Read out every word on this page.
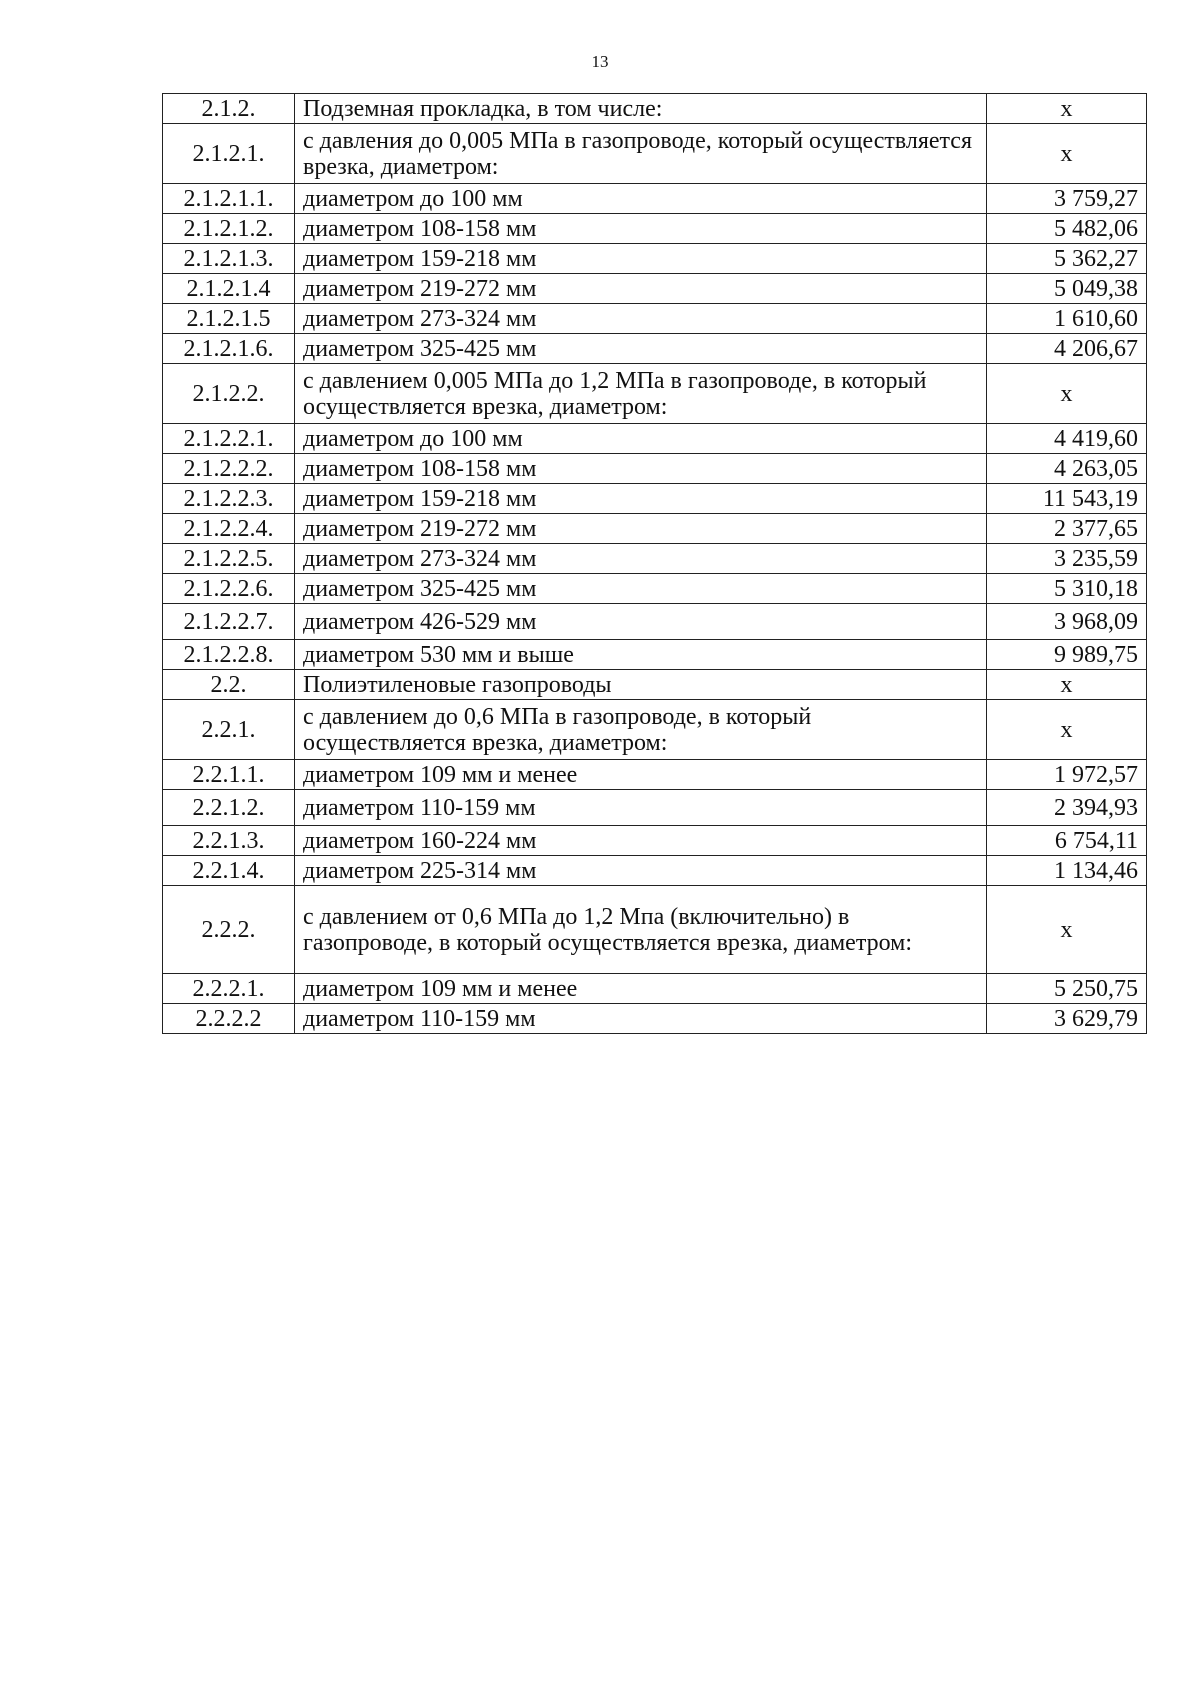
13
2.1.2.	Подземная прокладка, в том числе:	х
2.1.2.1.	с давления до 0,005 МПа в газопроводе, который осуществляется врезка, диаметром:	х
2.1.2.1.1.	диаметром до 100 мм	3 759,27
2.1.2.1.2.	диаметром 108-158 мм	5 482,06
2.1.2.1.3.	диаметром 159-218 мм	5 362,27
2.1.2.1.4	диаметром 219-272 мм	5 049,38
2.1.2.1.5	диаметром 273-324 мм	1 610,60
2.1.2.1.6.	диаметром 325-425 мм	4 206,67
2.1.2.2.	с давлением 0,005 МПа до 1,2 МПа в газопроводе, в который осуществляется врезка, диаметром:	х
2.1.2.2.1.	диаметром до 100 мм	4 419,60
2.1.2.2.2.	диаметром 108-158 мм	4 263,05
2.1.2.2.3.	диаметром 159-218 мм	11 543,19
2.1.2.2.4.	диаметром 219-272 мм	2 377,65
2.1.2.2.5.	диаметром 273-324 мм	3 235,59
2.1.2.2.6.	диаметром 325-425 мм	5 310,18
2.1.2.2.7.	диаметром 426-529 мм	3 968,09
2.1.2.2.8.	диаметром 530 мм и выше	9 989,75
2.2.	Полиэтиленовые газопроводы	х
2.2.1.	с давлением до 0,6 МПа в газопроводе, в который осуществляется врезка, диаметром:	х
2.2.1.1.	диаметром 109 мм и менее	1 972,57
2.2.1.2.	диаметром 110-159 мм	2 394,93
2.2.1.3.	диаметром 160-224 мм	6 754,11
2.2.1.4.	диаметром 225-314 мм	1 134,46
2.2.2.	с давлением от 0,6 МПа до 1,2 Мпа (включительно) в газопроводе, в который осуществляется врезка, диаметром:	х
2.2.2.1.	диаметром 109 мм и менее	5 250,75
2.2.2.2	диаметром 110-159 мм	3 629,79
